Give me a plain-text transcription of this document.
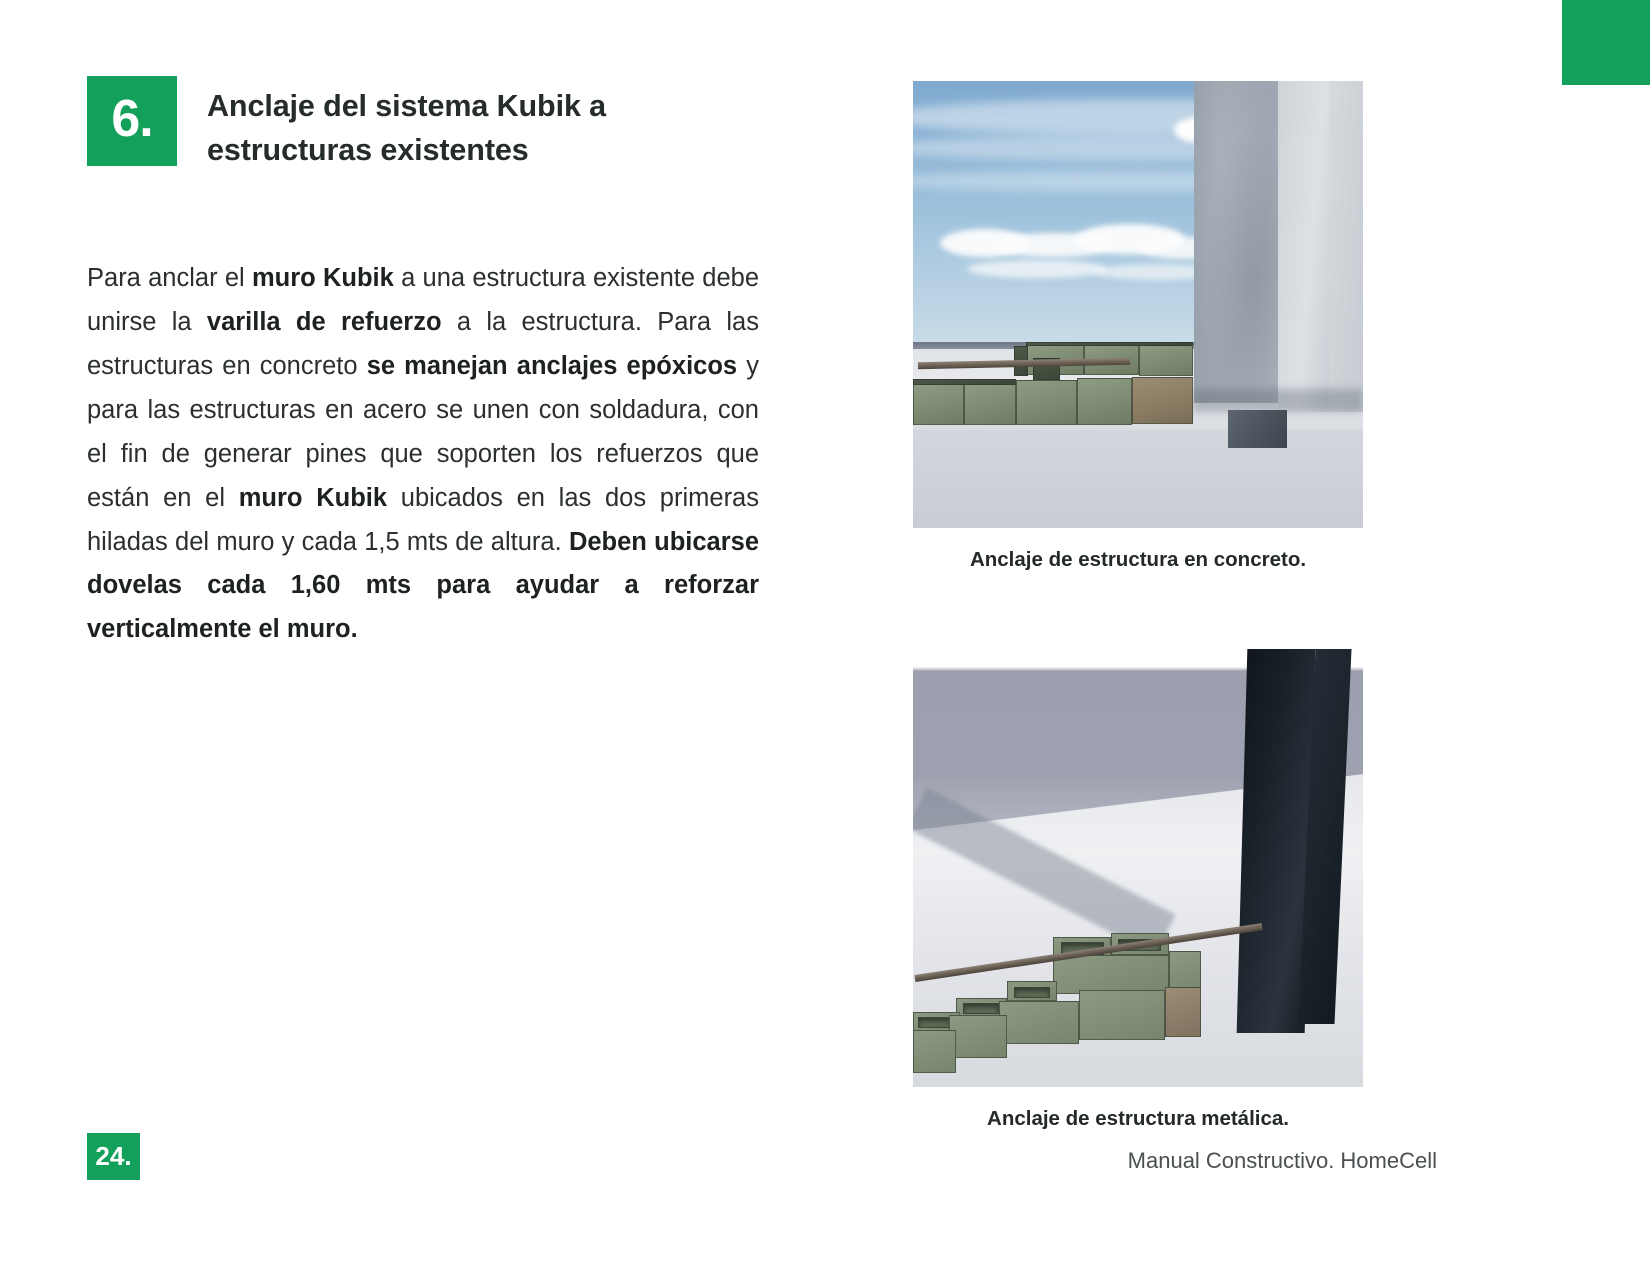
6.	Anclaje del sistema Kubik a estructuras existentes
Para anclar el muro Kubik a una estructura existente debe unirse la varilla de refuerzo a la estructura. Para las estructuras en concreto se manejan anclajes epóxicos y para las estructuras en acero se unen con soldadura, con el fin de generar pines que soporten los refuerzos que están en el muro Kubik ubicados en las dos primeras hiladas del muro y cada 1,5 mts de altura. Deben ubicarse dovelas cada 1,60 mts para ayudar a reforzar verticalmente el muro.
Anclaje de estructura en concreto.
Anclaje de estructura metálica.
24.	Manual Constructivo. HomeCell
